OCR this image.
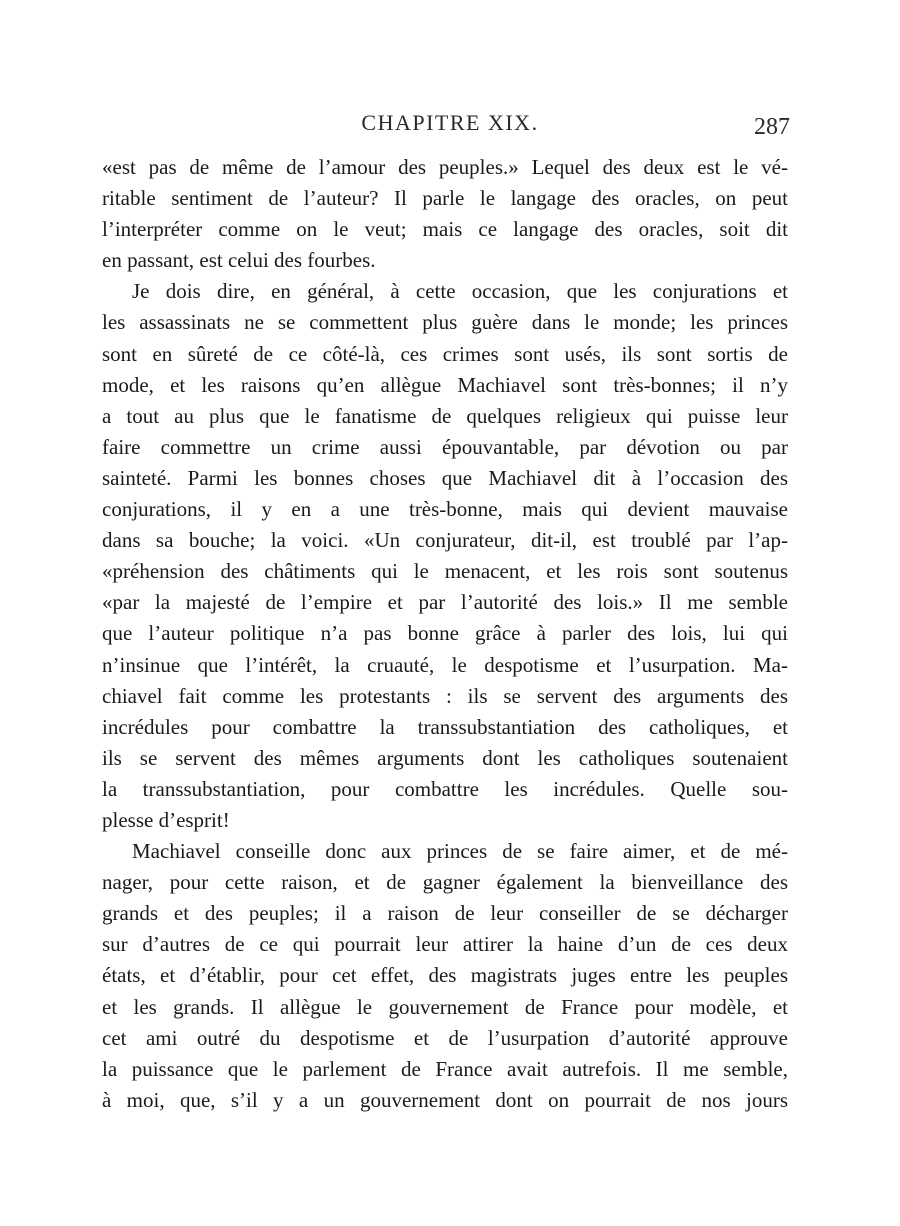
CHAPITRE XIX.	287
«est pas de même de l’amour des peuples.» Lequel des deux est le vé-
ritable sentiment de l’auteur? Il parle le langage des oracles, on peut
l’interpréter comme on le veut; mais ce langage des oracles, soit dit
en passant, est celui des fourbes.
Je dois dire, en général, à cette occasion, que les conjurations et
les assassinats ne se commettent plus guère dans le monde; les princes
sont en sûreté de ce côté-là, ces crimes sont usés, ils sont sortis de
mode, et les raisons qu’en allègue Machiavel sont très-bonnes; il n’y
a tout au plus que le fanatisme de quelques religieux qui puisse leur
faire commettre un crime aussi épouvantable, par dévotion ou par
sainteté. Parmi les bonnes choses que Machiavel dit à l’occasion des
conjurations, il y en a une très-bonne, mais qui devient mauvaise
dans sa bouche; la voici. «Un conjurateur, dit-il, est troublé par l’ap-
«préhension des châtiments qui le menacent, et les rois sont soutenus
«par la majesté de l’empire et par l’autorité des lois.» Il me semble
que l’auteur politique n’a pas bonne grâce à parler des lois, lui qui
n’insinue que l’intérêt, la cruauté, le despotisme et l’usurpation. Ma-
chiavel fait comme les protestants : ils se servent des arguments des
incrédules pour combattre la transsubstantiation des catholiques, et
ils se servent des mêmes arguments dont les catholiques soutenaient
la transsubstantiation, pour combattre les incrédules. Quelle sou-
plesse d’esprit!
Machiavel conseille donc aux princes de se faire aimer, et de mé-
nager, pour cette raison, et de gagner également la bienveillance des
grands et des peuples; il a raison de leur conseiller de se décharger
sur d’autres de ce qui pourrait leur attirer la haine d’un de ces deux
états, et d’établir, pour cet effet, des magistrats juges entre les peuples
et les grands. Il allègue le gouvernement de France pour modèle, et
cet ami outré du despotisme et de l’usurpation d’autorité approuve
la puissance que le parlement de France avait autrefois. Il me semble,
à moi, que, s’il y a un gouvernement dont on pourrait de nos jours
